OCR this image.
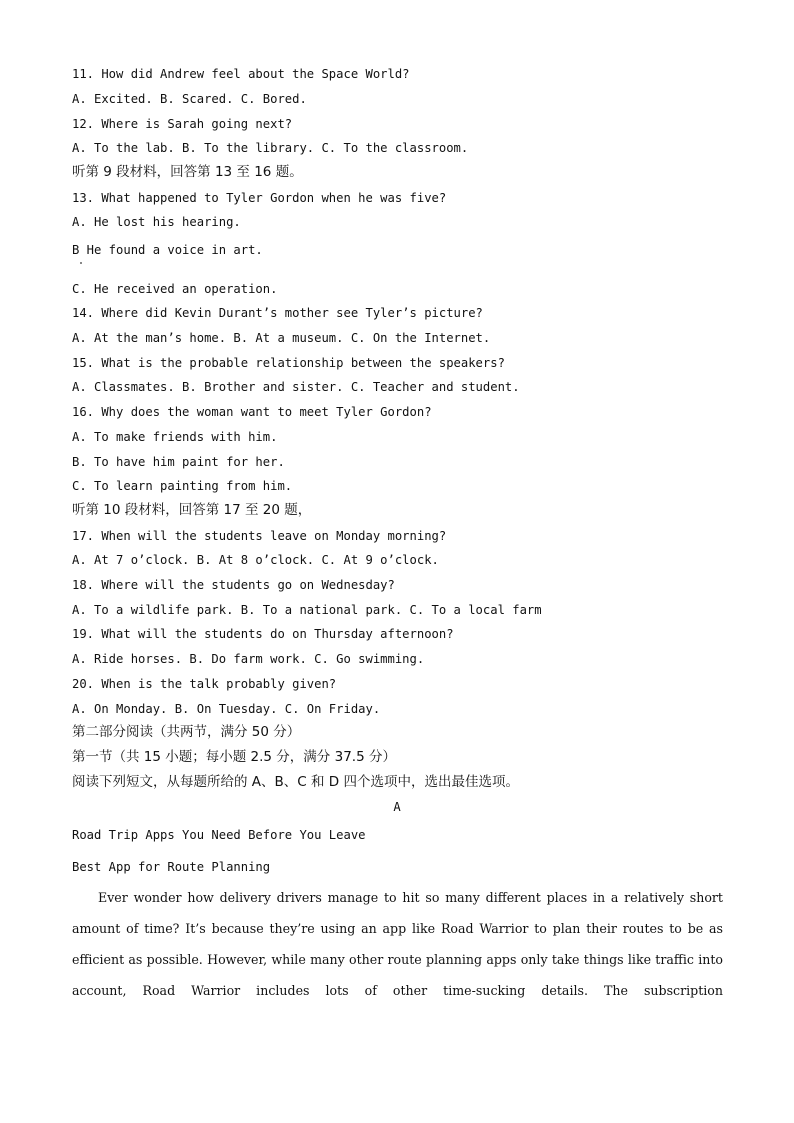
11. How did Andrew feel about the Space World?
A. Excited. B. Scared. C. Bored.
12. Where is Sarah going next?
A. To the lab. B. To the library. C. To the classroom.
听第 9 段材料，回答第 13 至 16 题。
13. What happened to Tyler Gordon when he was five?
A. He lost his hearing.
B He found a voice in art.
C. He received an operation.
14. Where did Kevin Durant’s mother see Tyler’s picture?
A. At the man’s home. B. At a museum. C. On the Internet.
15. What is the probable relationship between the speakers?
A. Classmates. B. Brother and sister. C. Teacher and student.
16. Why does the woman want to meet Tyler Gordon?
A. To make friends with him.
B. To have him paint for her.
C. To learn painting from him.
听第 10 段材料，回答第 17 至 20 题，
17. When will the students leave on Monday morning?
A. At 7 o’clock. B. At 8 o’clock. C. At 9 o’clock.
18. Where will the students go on Wednesday?
A. To a wildlife park. B. To a national park. C. To a local farm
19. What will the students do on Thursday afternoon?
A. Ride horses. B. Do farm work. C. Go swimming.
20. When is the talk probably given?
A. On Monday. B. On Tuesday. C. On Friday.
第二部分阅读（共两节，满分 50 分）
第一节（共 15 小题；每小题 2.5 分，满分 37.5 分）
阅读下列短文，从每题所给的 A、B、C 和 D 四个选项中，选出最佳选项。
A
Road Trip Apps You Need Before You Leave
Best App for Route Planning

Ever wonder how delivery drivers manage to hit so many different places in a relatively short amount of time? It’s because they’re using an app like Road Warrior to plan their routes to be as efficient as possible. However, while many other route planning apps only take things like traffic into account, Road Warrior includes lots of other time-sucking details. The subscription
